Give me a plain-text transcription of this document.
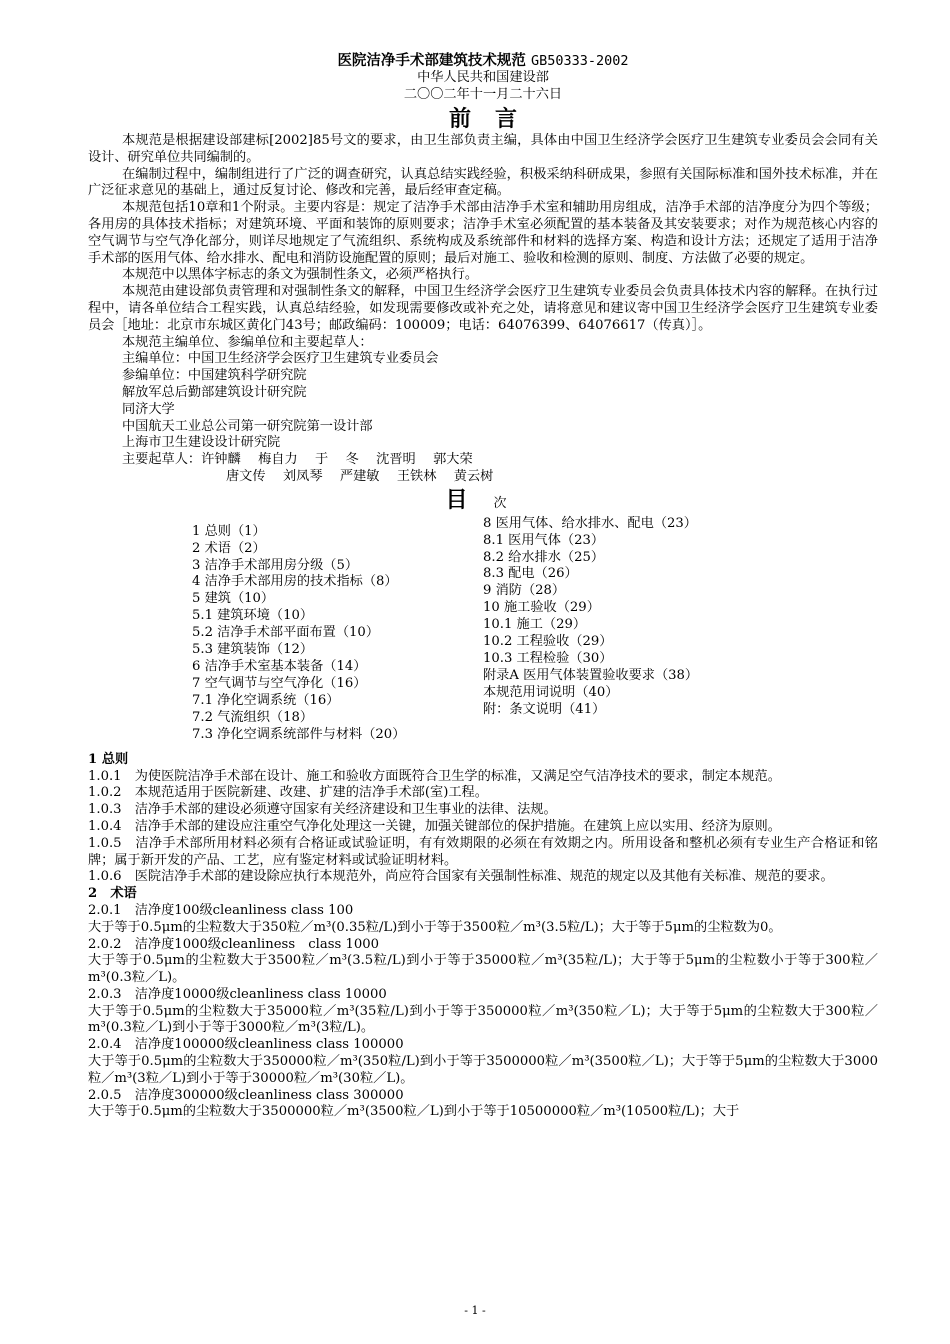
医院洁净手术部建筑技术规范 GB50333-2002
中华人民共和国建设部
二〇〇二年十一月二十六日
前言
本规范是根据建设部建标[2002]85号文的要求，由卫生部负责主编，具体由中国卫生经济学会医疗卫生建筑专业委员会会同有关设计、研究单位共同编制的。
在编制过程中，编制组进行了广泛的调查研究，认真总结实践经验，积极采纳科研成果，参照有关国际标准和国外技术标准，并在广泛征求意见的基础上，通过反复讨论、修改和完善，最后经审查定稿。
本规范包括10章和1个附录。主要内容是：规定了洁净手术部由洁净手术室和辅助用房组成，洁净手术部的洁净度分为四个等级；各用房的具体技术指标；对建筑环境、平面和装饰的原则要求；洁净手术室必须配置的基本装备及其安装要求；对作为规范核心内容的空气调节与空气净化部分，则详尽地规定了气流组织、系统构成及系统部件和材料的选择方案、构造和设计方法；还规定了适用于洁净手术部的医用气体、给水排水、配电和消防设施配置的原则；最后对施工、验收和检测的原则、制度、方法做了必要的规定。
本规范中以黑体字标志的条文为强制性条文，必须严格执行。
本规范由建设部负责管理和对强制性条文的解释，中国卫生经济学会医疗卫生建筑专业委员会负责具体技术内容的解释。在执行过程中，请各单位结合工程实践，认真总结经验，如发现需要修改或补充之处，请将意见和建议寄中国卫生经济学会医疗卫生建筑专业委员会［地址：北京市东城区黄化门43号；邮政编码：100009；电话：64076399、64076617（传真）］。
本规范主编单位、参编单位和主要起草人：
主编单位：中国卫生经济学会医疗卫生建筑专业委员会
参编单位：中国建筑科学研究院
解放军总后勤部建筑设计研究院
同济大学
中国航天工业总公司第一研究院第一设计部
上海市卫生建设设计研究院
主要起草人： 许钟麟　 梅自力　 于　 冬　 沈晋明　 郭大荣
唐文传　 刘凤琴　 严建敏　 王铁林　 黄云树
目 次
1 总则（1）
2 术语（2）
3 洁净手术部用房分级（5）
4 洁净手术部用房的技术指标（8）
5 建筑（10）
5.1 建筑环境（10）
5.2 洁净手术部平面布置（10）
5.3 建筑装饰（12）
6 洁净手术室基本装备（14）
7 空气调节与空气净化（16）
7.1 净化空调系统（16）
7.2 气流组织（18）
7.3 净化空调系统部件与材料（20）
8 医用气体、给水排水、配电（23）
8.1 医用气体（23）
8.2 给水排水（25）
8.3 配电（26）
9 消防（28）
10 施工验收（29）
10.1 施工（29）
10.2 工程验收（29）
10.3 工程检验（30）
附录A 医用气体装置验收要求（38）
本规范用词说明（40）
附：条文说明（41）
1 总则
1.0.1　为使医院洁净手术部在设计、施工和验收方面既符合卫生学的标准，又满足空气洁净技术的要求，制定本规范。
1.0.2　本规范适用于医院新建、改建、扩建的洁净手术部(室)工程。
1.0.3　洁净手术部的建设必须遵守国家有关经济建设和卫生事业的法律、法规。
1.0.4　洁净手术部的建设应注重空气净化处理这一关键，加强关键部位的保护措施。在建筑上应以实用、经济为原则。
1.0.5　洁净手术部所用材料必须有合格证或试验证明，有有效期限的必须在有效期之内。所用设备和整机必须有专业生产合格证和铭牌；属于新开发的产品、工艺，应有鉴定材料或试验证明材料。
1.0.6　医院洁净手术部的建设除应执行本规范外，尚应符合国家有关强制性标准、规范的规定以及其他有关标准、规范的要求。
2　术语
2.0.1　洁净度100级cleanliness class 100
大于等于0.5μm的尘粒数大于350粒／m³(0.35粒/L)到小于等于3500粒／m³(3.5粒/L)；大于等于5μm的尘粒数为0。
2.0.2　洁净度1000级cleanliness　class 1000
大于等于0.5μm的尘粒数大于3500粒／m³(3.5粒/L)到小于等于35000粒／m³(35粒/L)；大于等于5μm的尘粒数小于等于300粒／m³(0.3粒／L)。
2.0.3　洁净度10000级cleanliness class 10000
大于等于0.5μm的尘粒数大于35000粒／m³(35粒/L)到小于等于350000粒／m³(350粒／L)；大于等于5μm的尘粒数大于300粒／m³(0.3粒／L)到小于等于3000粒／m³(3粒/L)。
2.0.4　洁净度100000级cleanliness class 100000
大于等于0.5μm的尘粒数大于350000粒／m³(350粒/L)到小于等于3500000粒／m³(3500粒／L)；大于等于5μm的尘粒数大于3000粒／m³(3粒／L)到小于等于30000粒／m³(30粒／L)。
2.0.5　洁净度300000级cleanliness class 300000
大于等于0.5μm的尘粒数大于3500000粒／m³(3500粒／L)到小于等于10500000粒／m³(10500粒/L)；大于
- 1 -
